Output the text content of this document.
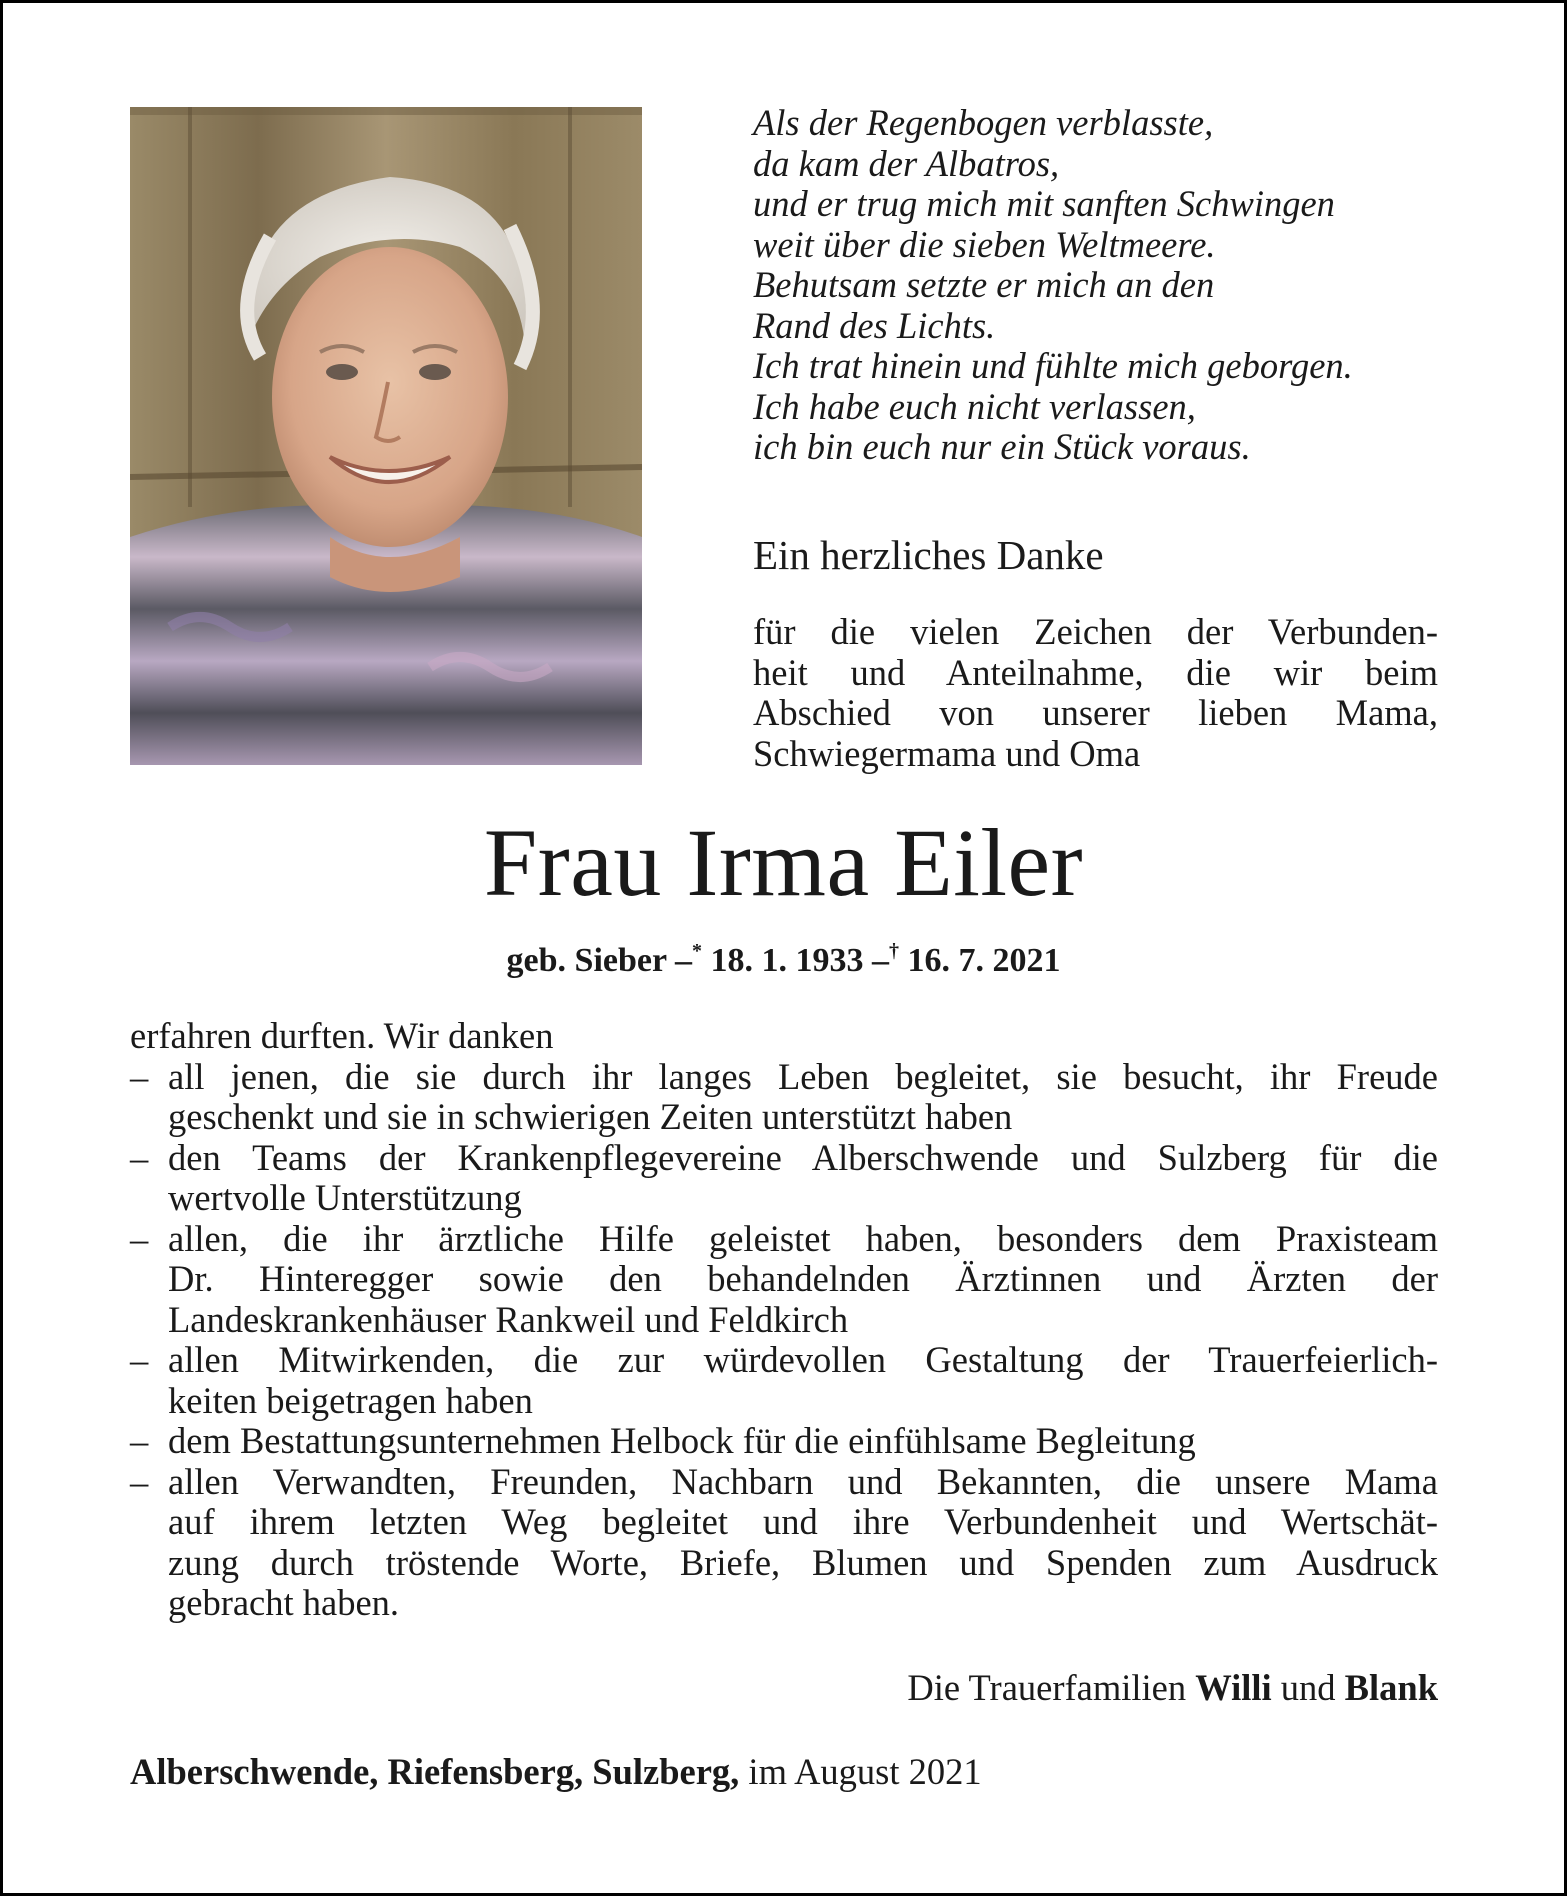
Als der Regenbogen verblasste,
da kam der Albatros,
und er trug mich mit sanften Schwingen
weit über die sieben Weltmeere.
Behutsam setzte er mich an den
Rand des Lichts.
Ich trat hinein und fühlte mich geborgen.
Ich habe euch nicht verlassen,
ich bin euch nur ein Stück voraus.
Ein herzliches Danke
für die vielen Zeichen der Verbunden-
heit und Anteilnahme, die wir beim
Abschied von unserer lieben Mama,
Schwiegermama und Oma
Frau Irma Eiler
geb. Sieber –* 18. 1. 1933 –† 16. 7. 2021
erfahren durften. Wir danken
– all jenen, die sie durch ihr langes Leben begleitet, sie besucht, ihr Freude
geschenkt und sie in schwierigen Zeiten unterstützt haben
– den Teams der Krankenpflegevereine Alberschwende und Sulzberg für die
wertvolle Unterstützung
– allen, die ihr ärztliche Hilfe geleistet haben, besonders dem Praxisteam
Dr. Hinteregger sowie den behandelnden Ärztinnen und Ärzten der
Landeskrankenhäuser Rankweil und Feldkirch
– allen Mitwirkenden, die zur würdevollen Gestaltung der Trauerfeierlich-
keiten beigetragen haben
– dem Bestattungsunternehmen Helbock für die einfühlsame Begleitung
– allen Verwandten, Freunden, Nachbarn und Bekannten, die unsere Mama
auf ihrem letzten Weg begleitet und ihre Verbundenheit und Wertschät-
zung durch tröstende Worte, Briefe, Blumen und Spenden zum Ausdruck
gebracht haben.
Die Trauerfamilien Willi und Blank
Alberschwende, Riefensberg, Sulzberg, im August 2021
